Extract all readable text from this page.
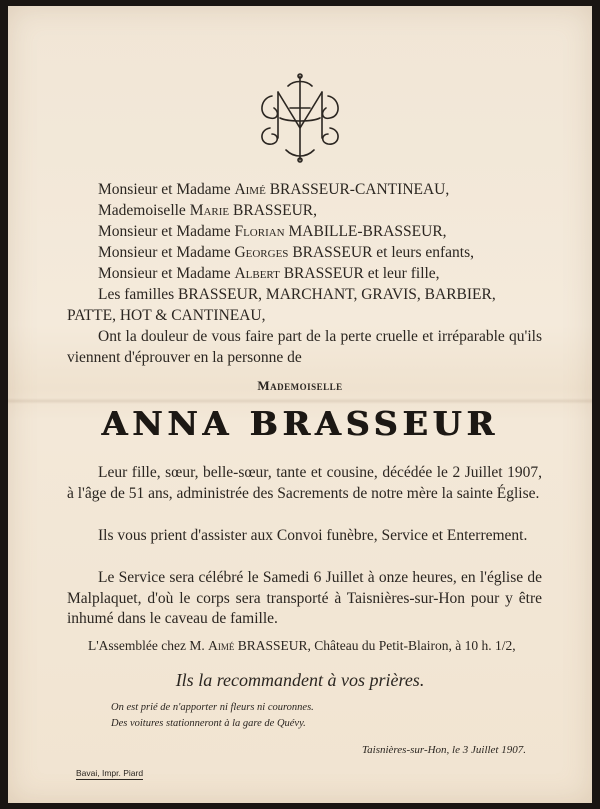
Monsieur et Madame Aimé BRASSEUR-CANTINEAU,
Mademoiselle Marie BRASSEUR,
Monsieur et Madame Florian MABILLE-BRASSEUR,
Monsieur et Madame Georges BRASSEUR et leurs enfants,
Monsieur et Madame Albert BRASSEUR et leur fille,
Les familles BRASSEUR, MARCHANT, GRAVIS, BARBIER,
PATTE, HOT & CANTINEAU,
Ont la douleur de vous faire part de la perte cruelle et irréparable qu'ils viennent d'éprouver en la personne de
Mademoiselle
ANNA BRASSEUR
Leur fille, sœur, belle-sœur, tante et cousine, décédée le 2 Juillet 1907, à l'âge de 51 ans, administrée des Sacrements de notre mère la sainte Église.
Ils vous prient d'assister aux Convoi funèbre, Service et Enterrement.
Le Service sera célébré le Samedi 6 Juillet à onze heures, en l'église de Malplaquet, d'où le corps sera transporté à Taisnières-sur-Hon pour y être inhumé dans le caveau de famille.
L'Assemblée chez M. Aimé BRASSEUR, Château du Petit-Blairon, à 10 h. 1/2,
Ils la recommandent à vos prières.
On est prié de n'apporter ni fleurs ni couronnes.
Des voitures stationneront à la gare de Quévy.
Taisnières-sur-Hon, le 3 Juillet 1907.
Bavai, Impr. Piard
